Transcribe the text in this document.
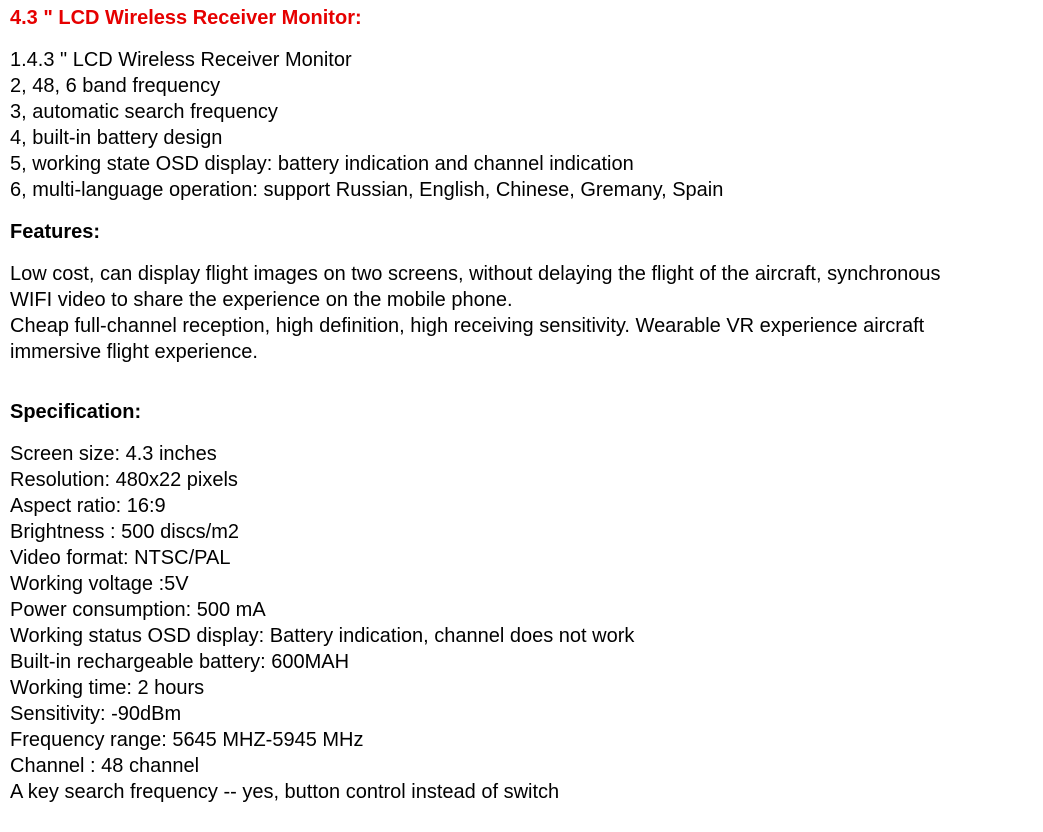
4.3 " LCD Wireless Receiver Monitor:
1.4.3 " LCD Wireless Receiver Monitor
2, 48, 6 band frequency
3, automatic search frequency
4, built-in battery design
5, working state OSD display: battery indication and channel indication
6, multi-language operation: support Russian, English, Chinese, Gremany, Spain
Features:
Low cost, can display flight images on two screens, without delaying the flight of the aircraft, synchronous
WIFI video to share the experience on the mobile phone.
Cheap full-channel reception, high definition, high receiving sensitivity. Wearable VR experience aircraft
immersive flight experience.
Specification:
Screen size: 4.3 inches
Resolution: 480x22 pixels
Aspect ratio: 16:9
Brightness : 500 discs/m2
Video format: NTSC/PAL
Working voltage :5V
Power consumption: 500 mA
Working status OSD display: Battery indication, channel does not work
Built-in rechargeable battery: 600MAH
Working time: 2 hours
Sensitivity: -90dBm
Frequency range: 5645 MHZ-5945 MHz
Channel : 48 channel
A key search frequency -- yes, button control instead of switch
